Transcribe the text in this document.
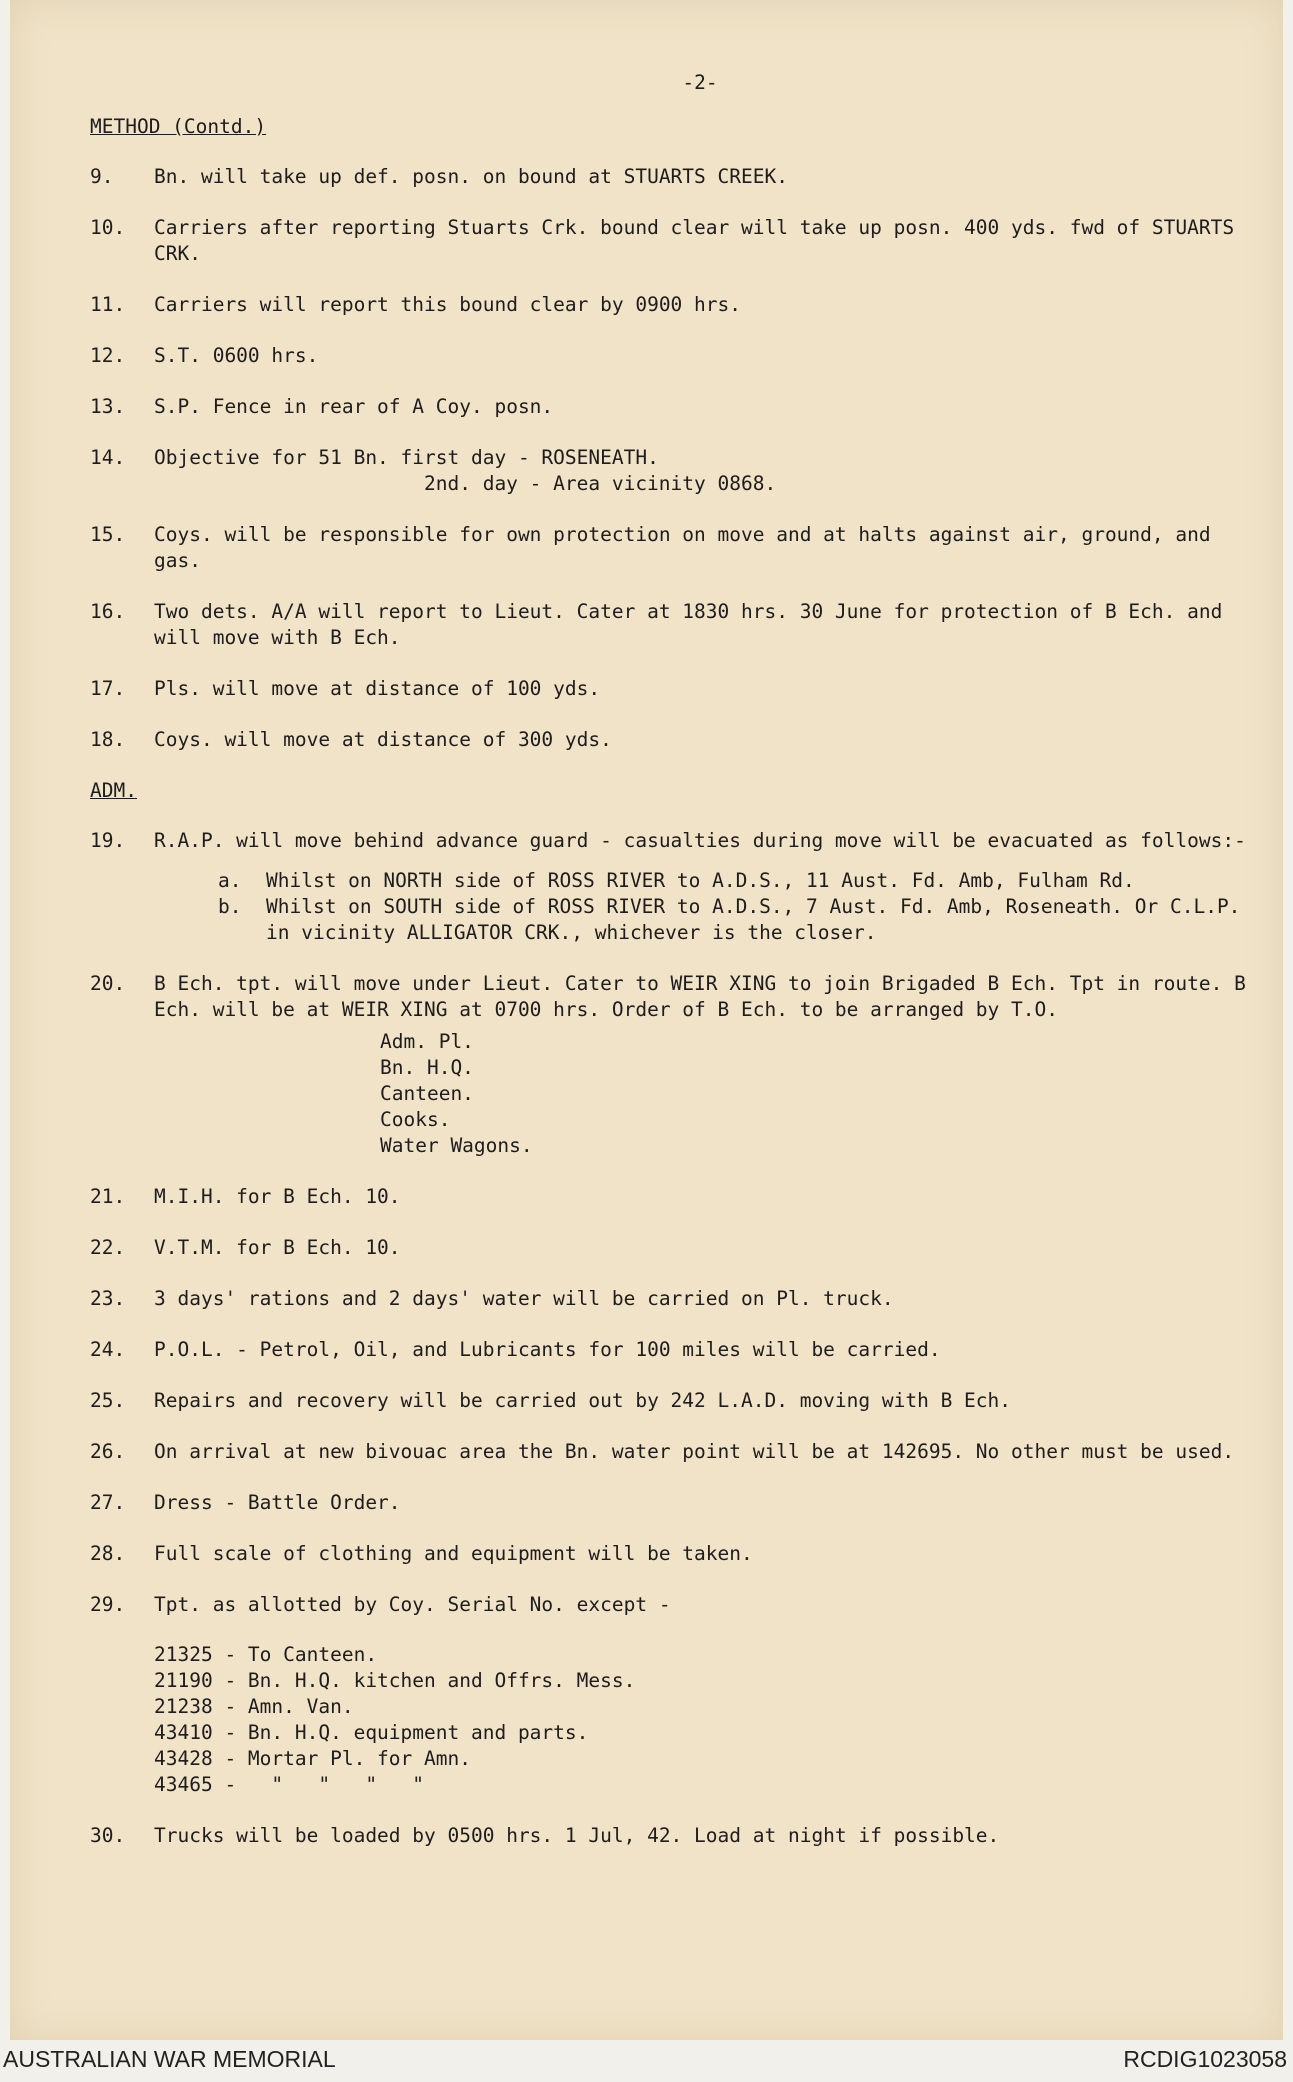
-2-
METHOD (Contd.)
9.	Bn. will take up def. posn. on bound at STUARTS CREEK.
10.	Carriers after reporting Stuarts Crk. bound clear will take up posn. 400 yds. fwd of STUARTS CRK.
11.	Carriers will report this bound clear by 0900 hrs.
12.	S.T. 0600 hrs.
13.	S.P. Fence in rear of A Coy. posn.
14.	Objective for 51 Bn. first day - ROSENEATH.
2nd. day - Area vicinity 0868.
15.	Coys. will be responsible for own protection on move and at halts against air, ground, and gas.
16.	Two dets. A/A will report to Lieut. Cater at 1830 hrs. 30 June for protection of B Ech. and will move with B Ech.
17.	Pls. will move at distance of 100 yds.
18.	Coys. will move at distance of 300 yds.
ADM.
19.	R.A.P. will move behind advance guard - casualties during move will be evacuated as follows:-
a.	Whilst on NORTH side of ROSS RIVER to A.D.S., 11 Aust. Fd. Amb, Fulham Rd.
b.	Whilst on SOUTH side of ROSS RIVER to A.D.S., 7 Aust. Fd. Amb, Roseneath. Or C.L.P. in vicinity ALLIGATOR CRK., whichever is the closer.
20.	B Ech. tpt. will move under Lieut. Cater to WEIR XING to join Brigaded B Ech. Tpt in route. B Ech. will be at WEIR XING at 0700 hrs. Order of B Ech. to be arranged by T.O.
Adm. Pl.
Bn. H.Q.
Canteen.
Cooks.
Water Wagons.
21.	M.I.H. for B Ech. 10.
22.	V.T.M. for B Ech. 10.
23.	3 days' rations and 2 days' water will be carried on Pl. truck.
24.	P.O.L. - Petrol, Oil, and Lubricants for 100 miles will be carried.
25.	Repairs and recovery will be carried out by 242 L.A.D. moving with B Ech.
26.	On arrival at new bivouac area the Bn. water point will be at 142695. No other must be used.
27.	Dress - Battle Order.
28.	Full scale of clothing and equipment will be taken.
29.	Tpt. as allotted by Coy. Serial No. except -
21325 - To Canteen.
21190 - Bn. H.Q. kitchen and Offrs. Mess.
21238 - Amn. Van.
43410 - Bn. H.Q. equipment and parts.
43428 - Mortar Pl. for Amn.
43465 -   "   "   "   "
30.	Trucks will be loaded by 0500 hrs. 1 Jul, 42. Load at night if possible.
AUSTRALIAN WAR MEMORIAL	RCDIG1023058
